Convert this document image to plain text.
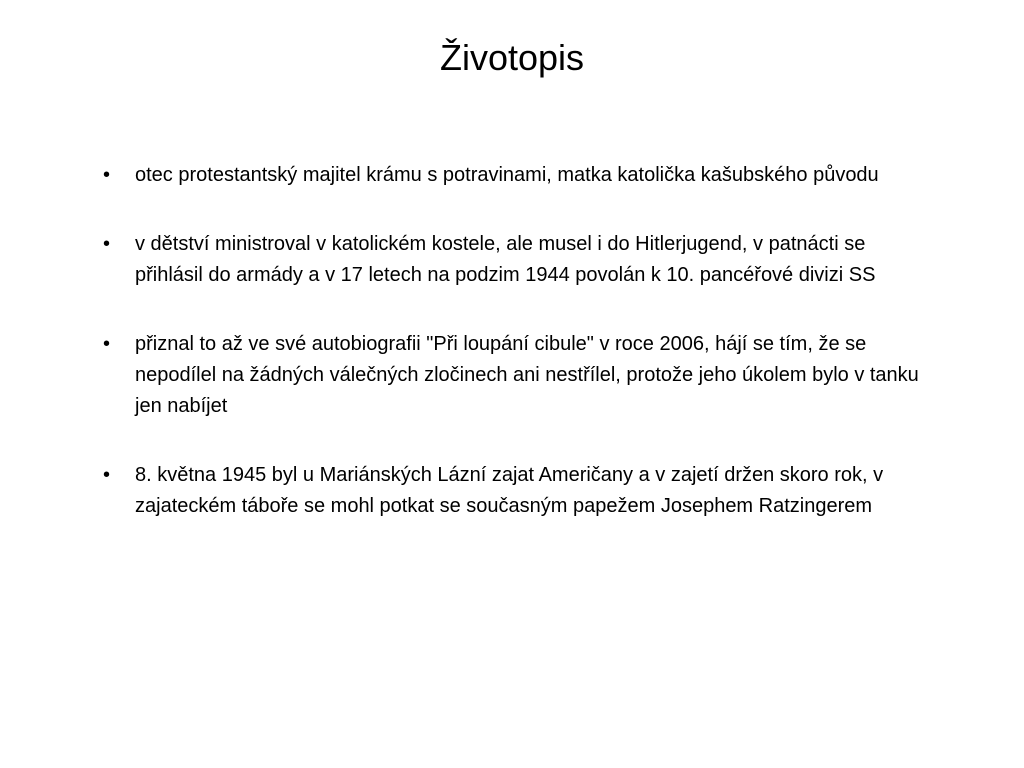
Životopis
• otec protestantský majitel krámu s potravinami, matka katolička kašubského původu
• v dětství ministroval v katolickém kostele, ale musel i do Hitlerjugend, v patnácti se přihlásil do armády a v 17 letech na podzim 1944 povolán k 10. pancéřové divizi SS
• přiznal to až ve své autobiografii "Při loupání cibule" v roce 2006, hájí se tím, že se nepodílel na žádných válečných zločinech ani nestřílel, protože jeho úkolem bylo v tanku jen nabíjet
• 8. května 1945 byl u Mariánských Lázní zajat Američany a v zajetí držen skoro rok, v zajateckém táboře se mohl potkat se současným papežem Josephem Ratzingerem
